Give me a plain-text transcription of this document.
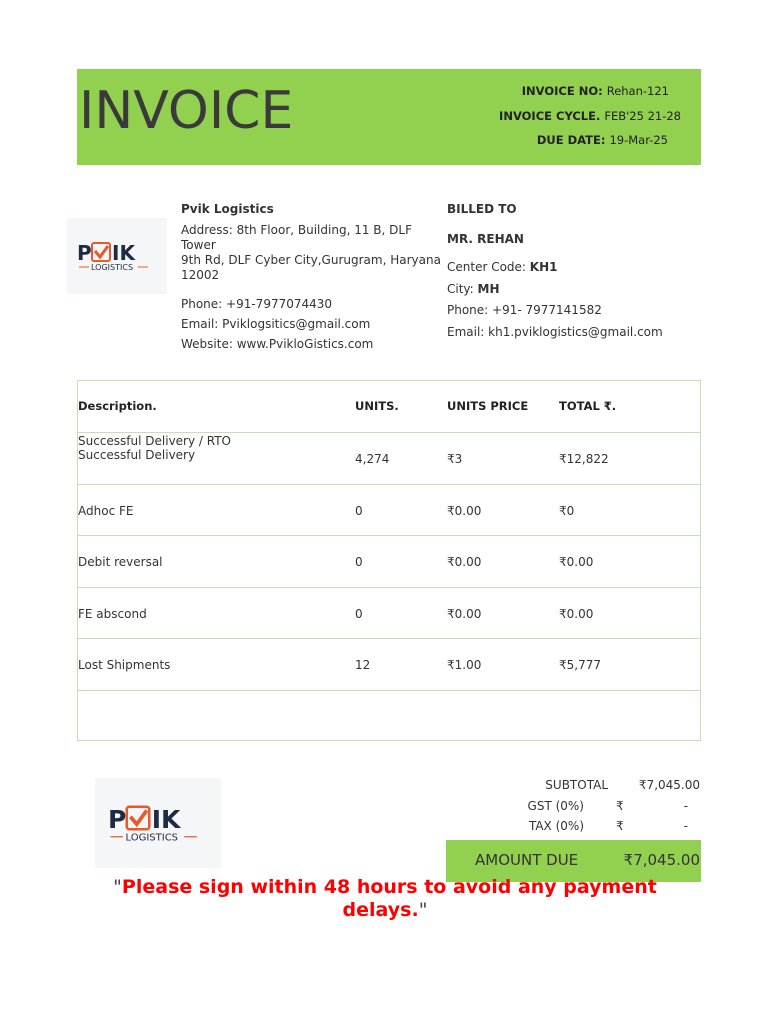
INVOICE	INVOICE NO: Rehan-121
INVOICE CYCLE. FEB'25 21-28
DUE DATE: 19-Mar-25
P IK
LOGISTICS
Pvik Logistics
Address: 8th Floor, Building, 11 B, DLF Tower
9th Rd, DLF Cyber City,Gurugram, Haryana
12002
Phone: +91-7977074430
Email: Pviklogsitics@gmail.com
Website: www.PvikloGistics.com
BILLED TO
MR. REHAN
Center Code: KH1
City: MH
Phone: +91- 7977141582
Email: kh1.pviklogistics@gmail.com
Description.	UNITS.	UNITS PRICE	TOTAL ₹.
Successful Delivery / RTO
Successful Delivery	4,274	₹3	₹12,822
Adhoc FE	0	₹0.00	₹0
Debit reversal	0	₹0.00	₹0.00
FE abscond	0	₹0.00	₹0.00
Lost Shipments	12	₹1.00	₹5,777
P IK
LOGISTICS
SUBTOTAL	₹7,045.00
GST (0%)	₹	-
TAX (0%)	₹	-
AMOUNT DUE	₹7,045.00
"Please sign within 48 hours to avoid any payment delays."
